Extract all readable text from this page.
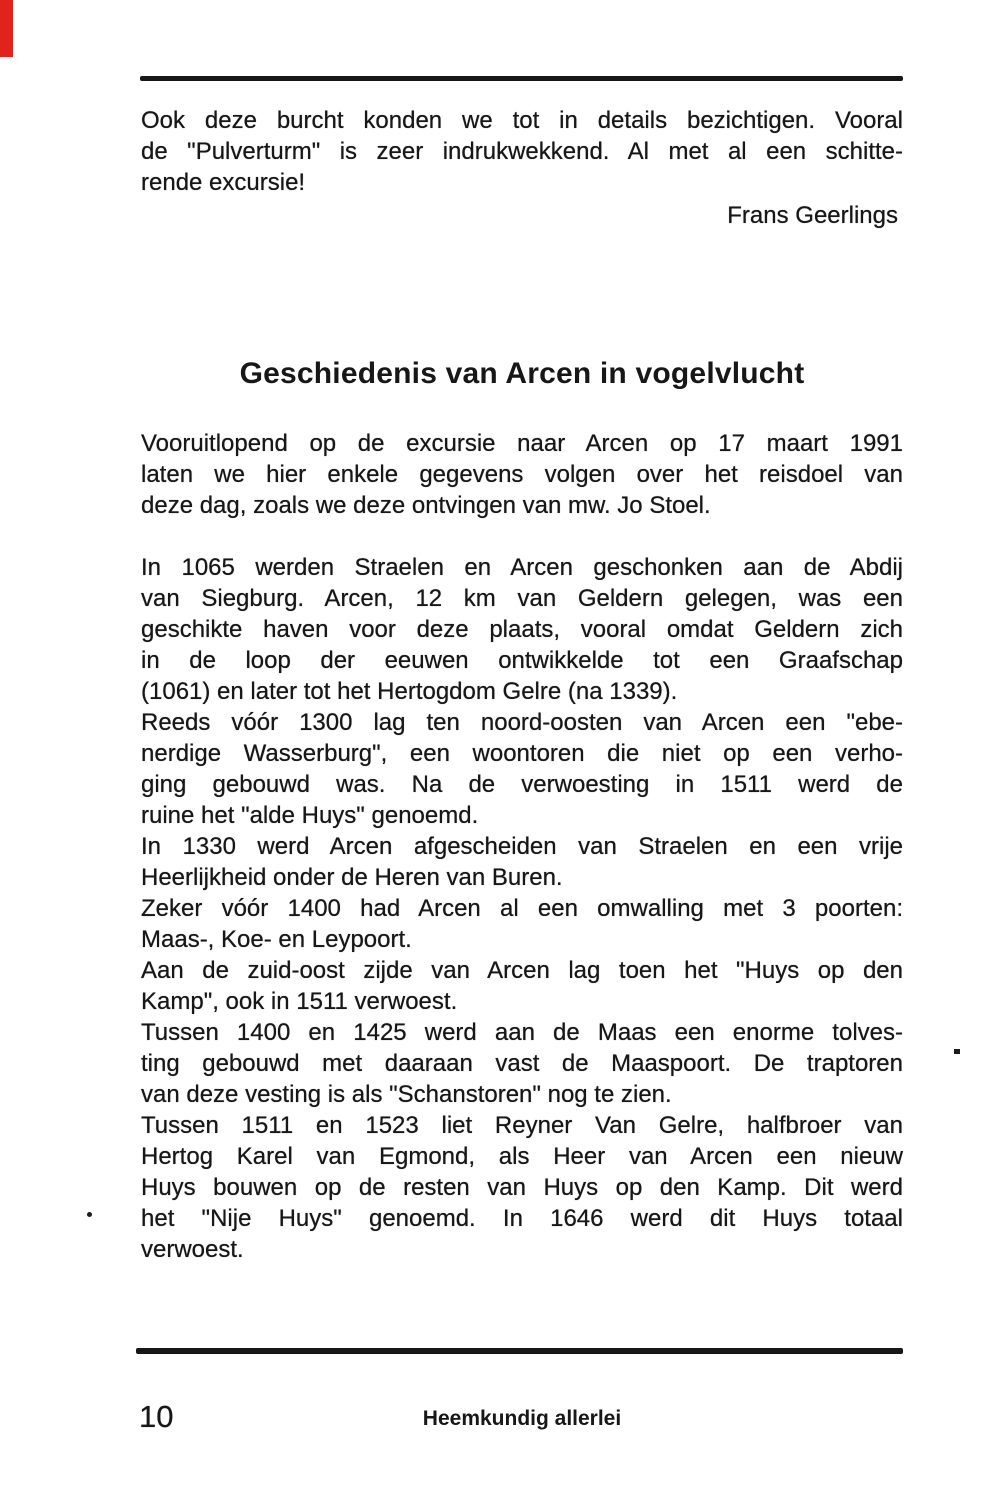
Ook deze burcht konden we tot in details bezichtigen. Vooral
de "Pulverturm" is zeer indrukwekkend. Al met al een schitte-
rende excursie!
Frans Geerlings
Geschiedenis van Arcen in vogelvlucht
Vooruitlopend op de excursie naar Arcen op 17 maart 1991
laten we hier enkele gegevens volgen over het reisdoel van
deze dag, zoals we deze ontvingen van mw. Jo Stoel.
In 1065 werden Straelen en Arcen geschonken aan de Abdij
van Siegburg. Arcen, 12 km van Geldern gelegen, was een
geschikte haven voor deze plaats, vooral omdat Geldern zich
in de loop der eeuwen ontwikkelde tot een Graafschap
(1061) en later tot het Hertogdom Gelre (na 1339).
Reeds vóór 1300 lag ten noord-oosten van Arcen een "ebe-
nerdige Wasserburg", een woontoren die niet op een verho-
ging gebouwd was. Na de verwoesting in 1511 werd de
ruine het "alde Huys" genoemd.
In 1330 werd Arcen afgescheiden van Straelen en een vrije
Heerlijkheid onder de Heren van Buren.
Zeker vóór 1400 had Arcen al een omwalling met 3 poorten:
Maas-, Koe- en Leypoort.
Aan de zuid-oost zijde van Arcen lag toen het "Huys op den
Kamp", ook in 1511 verwoest.
Tussen 1400 en 1425 werd aan de Maas een enorme tolves-
ting gebouwd met daaraan vast de Maaspoort. De traptoren
van deze vesting is als "Schanstoren" nog te zien.
Tussen 1511 en 1523 liet Reyner Van Gelre, halfbroer van
Hertog Karel van Egmond, als Heer van Arcen een nieuw
Huys bouwen op de resten van Huys op den Kamp. Dit werd
het "Nije Huys" genoemd. In 1646 werd dit Huys totaal
verwoest.
10	Heemkundig allerlei
